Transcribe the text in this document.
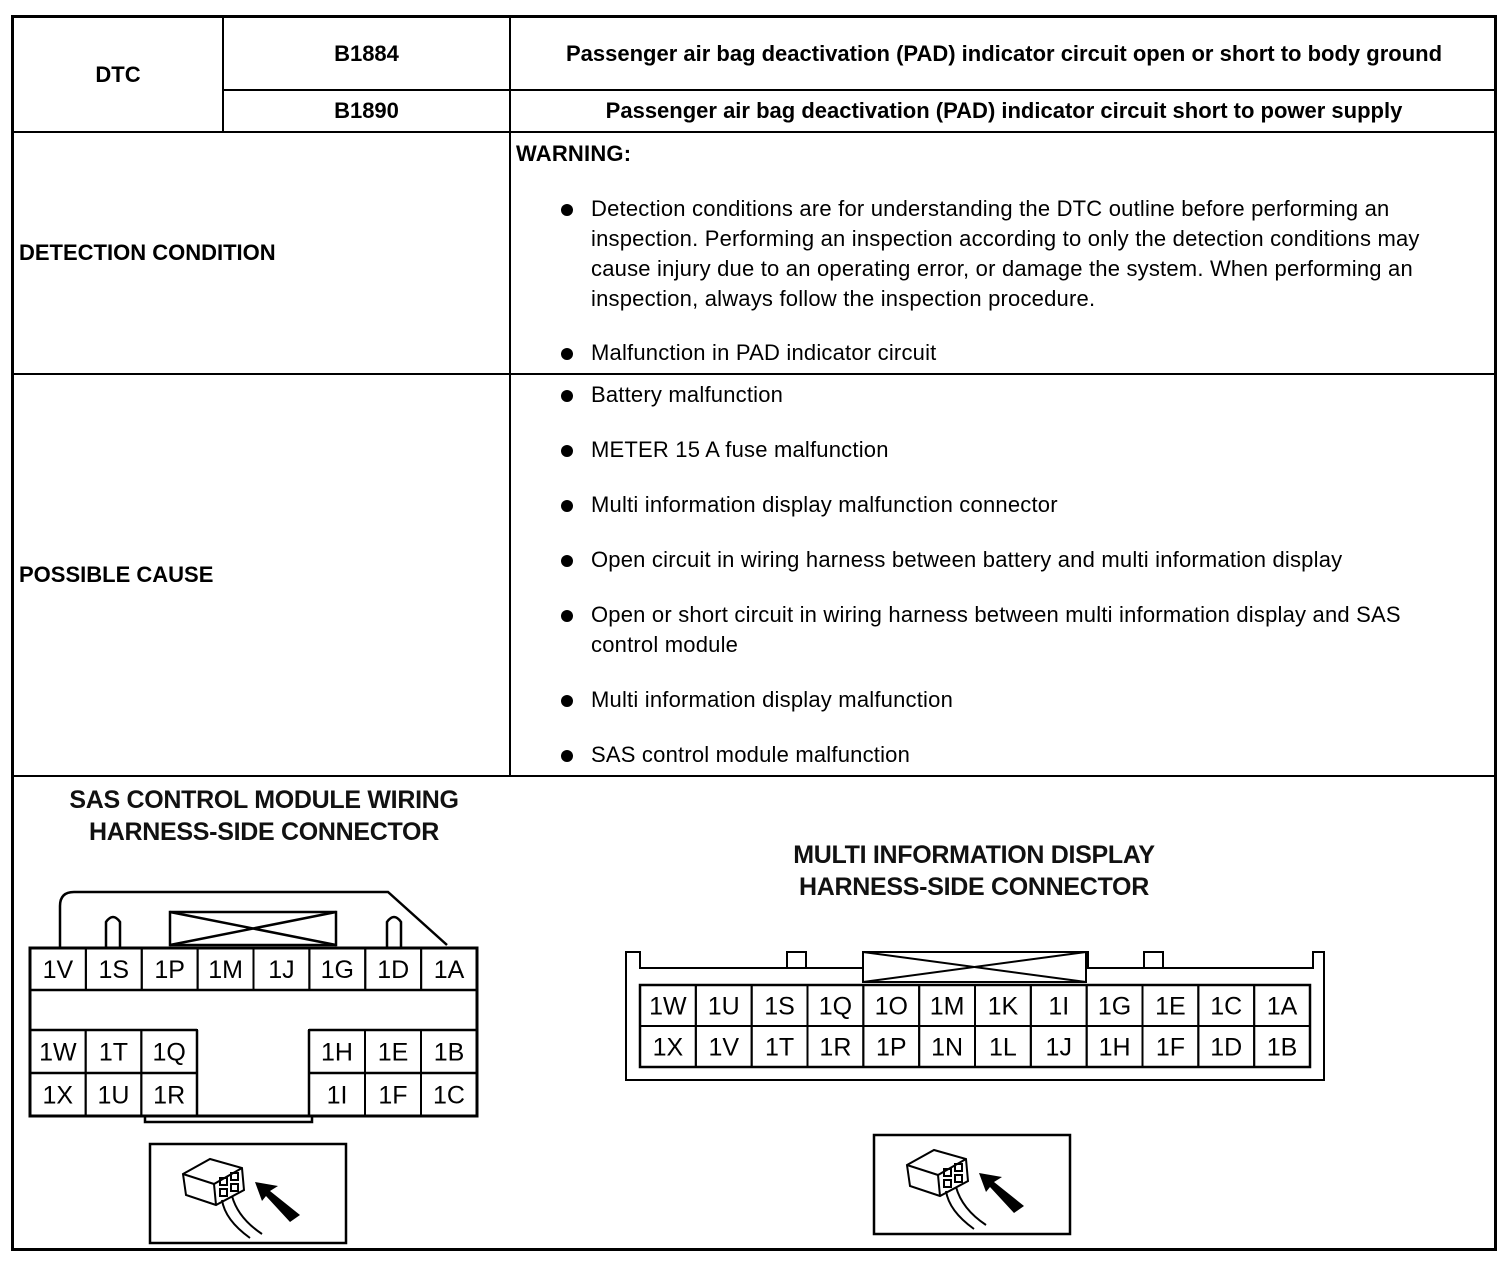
DTC
B1884	Passenger air bag deactivation (PAD) indicator circuit open or short to body ground
B1890	Passenger air bag deactivation (PAD) indicator circuit short to power supply
DETECTION CONDITION
WARNING:
Detection conditions are for understanding the DTC outline before performing an inspection. Performing an inspection according to only the detection conditions may cause injury due to an operating error, or damage the system. When performing an inspection, always follow the inspection procedure.
Malfunction in PAD indicator circuit
POSSIBLE CAUSE
Battery malfunction
METER 15 A fuse malfunction
Multi information display malfunction connector
Open circuit in wiring harness between battery and multi information display
Open or short circuit in wiring harness between multi information display and SAS control module
Multi information display malfunction
SAS control module malfunction
SAS CONTROL MODULE WIRING
HARNESS-SIDE CONNECTOR
MULTI INFORMATION DISPLAY
HARNESS-SIDE CONNECTOR
1V 1S 1P 1M 1J 1G 1D 1A
1W 1T 1Q
1X 1U 1R
1H 1E 1B
1I 1F 1C
1W 1U 1S 1Q 1O 1M 1K 1I 1G 1E 1C 1A
1X 1V 1T 1R 1P 1N 1L 1J 1H 1F 1D 1B
